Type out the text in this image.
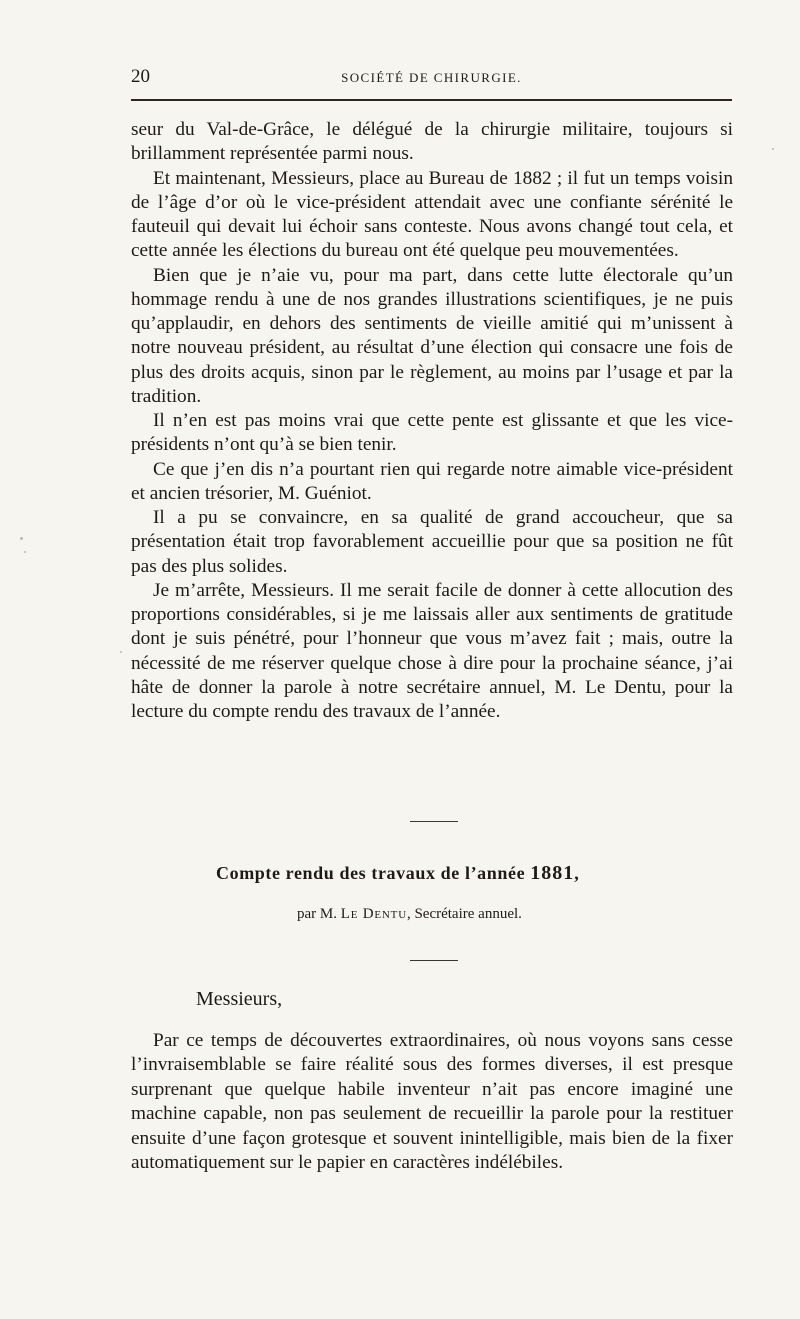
20	SOCIÉTÉ DE CHIRURGIE.

seur du Val-de-Grâce, le délégué de la chirurgie militaire, toujours si brillamment représentée parmi nous.

Et maintenant, Messieurs, place au Bureau de 1882 ; il fut un temps voisin de l’âge d’or où le vice-président attendait avec une confiante sérénité le fauteuil qui devait lui échoir sans conteste. Nous avons changé tout cela, et cette année les élections du bureau ont été quelque peu mouvementées.

Bien que je n’aie vu, pour ma part, dans cette lutte électorale qu’un hommage rendu à une de nos grandes illustrations scientifiques, je ne puis qu’applaudir, en dehors des sentiments de vieille amitié qui m’unissent à notre nouveau président, au résultat d’une élection qui consacre une fois de plus des droits acquis, sinon par le règlement, au moins par l’usage et par la tradition.

Il n’en est pas moins vrai que cette pente est glissante et que les vice-présidents n’ont qu’à se bien tenir.

Ce que j’en dis n’a pourtant rien qui regarde notre aimable vice-président et ancien trésorier, M. Guéniot.

Il a pu se convaincre, en sa qualité de grand accoucheur, que sa présentation était trop favorablement accueillie pour que sa position ne fût pas des plus solides.

Je m’arrête, Messieurs. Il me serait facile de donner à cette allocution des proportions considérables, si je me laissais aller aux sentiments de gratitude dont je suis pénétré, pour l’honneur que vous m’avez fait ; mais, outre la nécessité de me réserver quelque chose à dire pour la prochaine séance, j’ai hâte de donner la parole à notre secrétaire annuel, M. Le Dentu, pour la lecture du compte rendu des travaux de l’année.

Compte rendu des travaux de l’année 1881,
par M. Le Dentu, Secrétaire annuel.
Messieurs,

Par ce temps de découvertes extraordinaires, où nous voyons sans cesse l’invraisemblable se faire réalité sous des formes diverses, il est presque surprenant que quelque habile inventeur n’ait pas encore imaginé une machine capable, non pas seulement de recueillir la parole pour la restituer ensuite d’une façon grotesque et souvent inintelligible, mais bien de la fixer automatiquement sur le papier en caractères indélébiles.
